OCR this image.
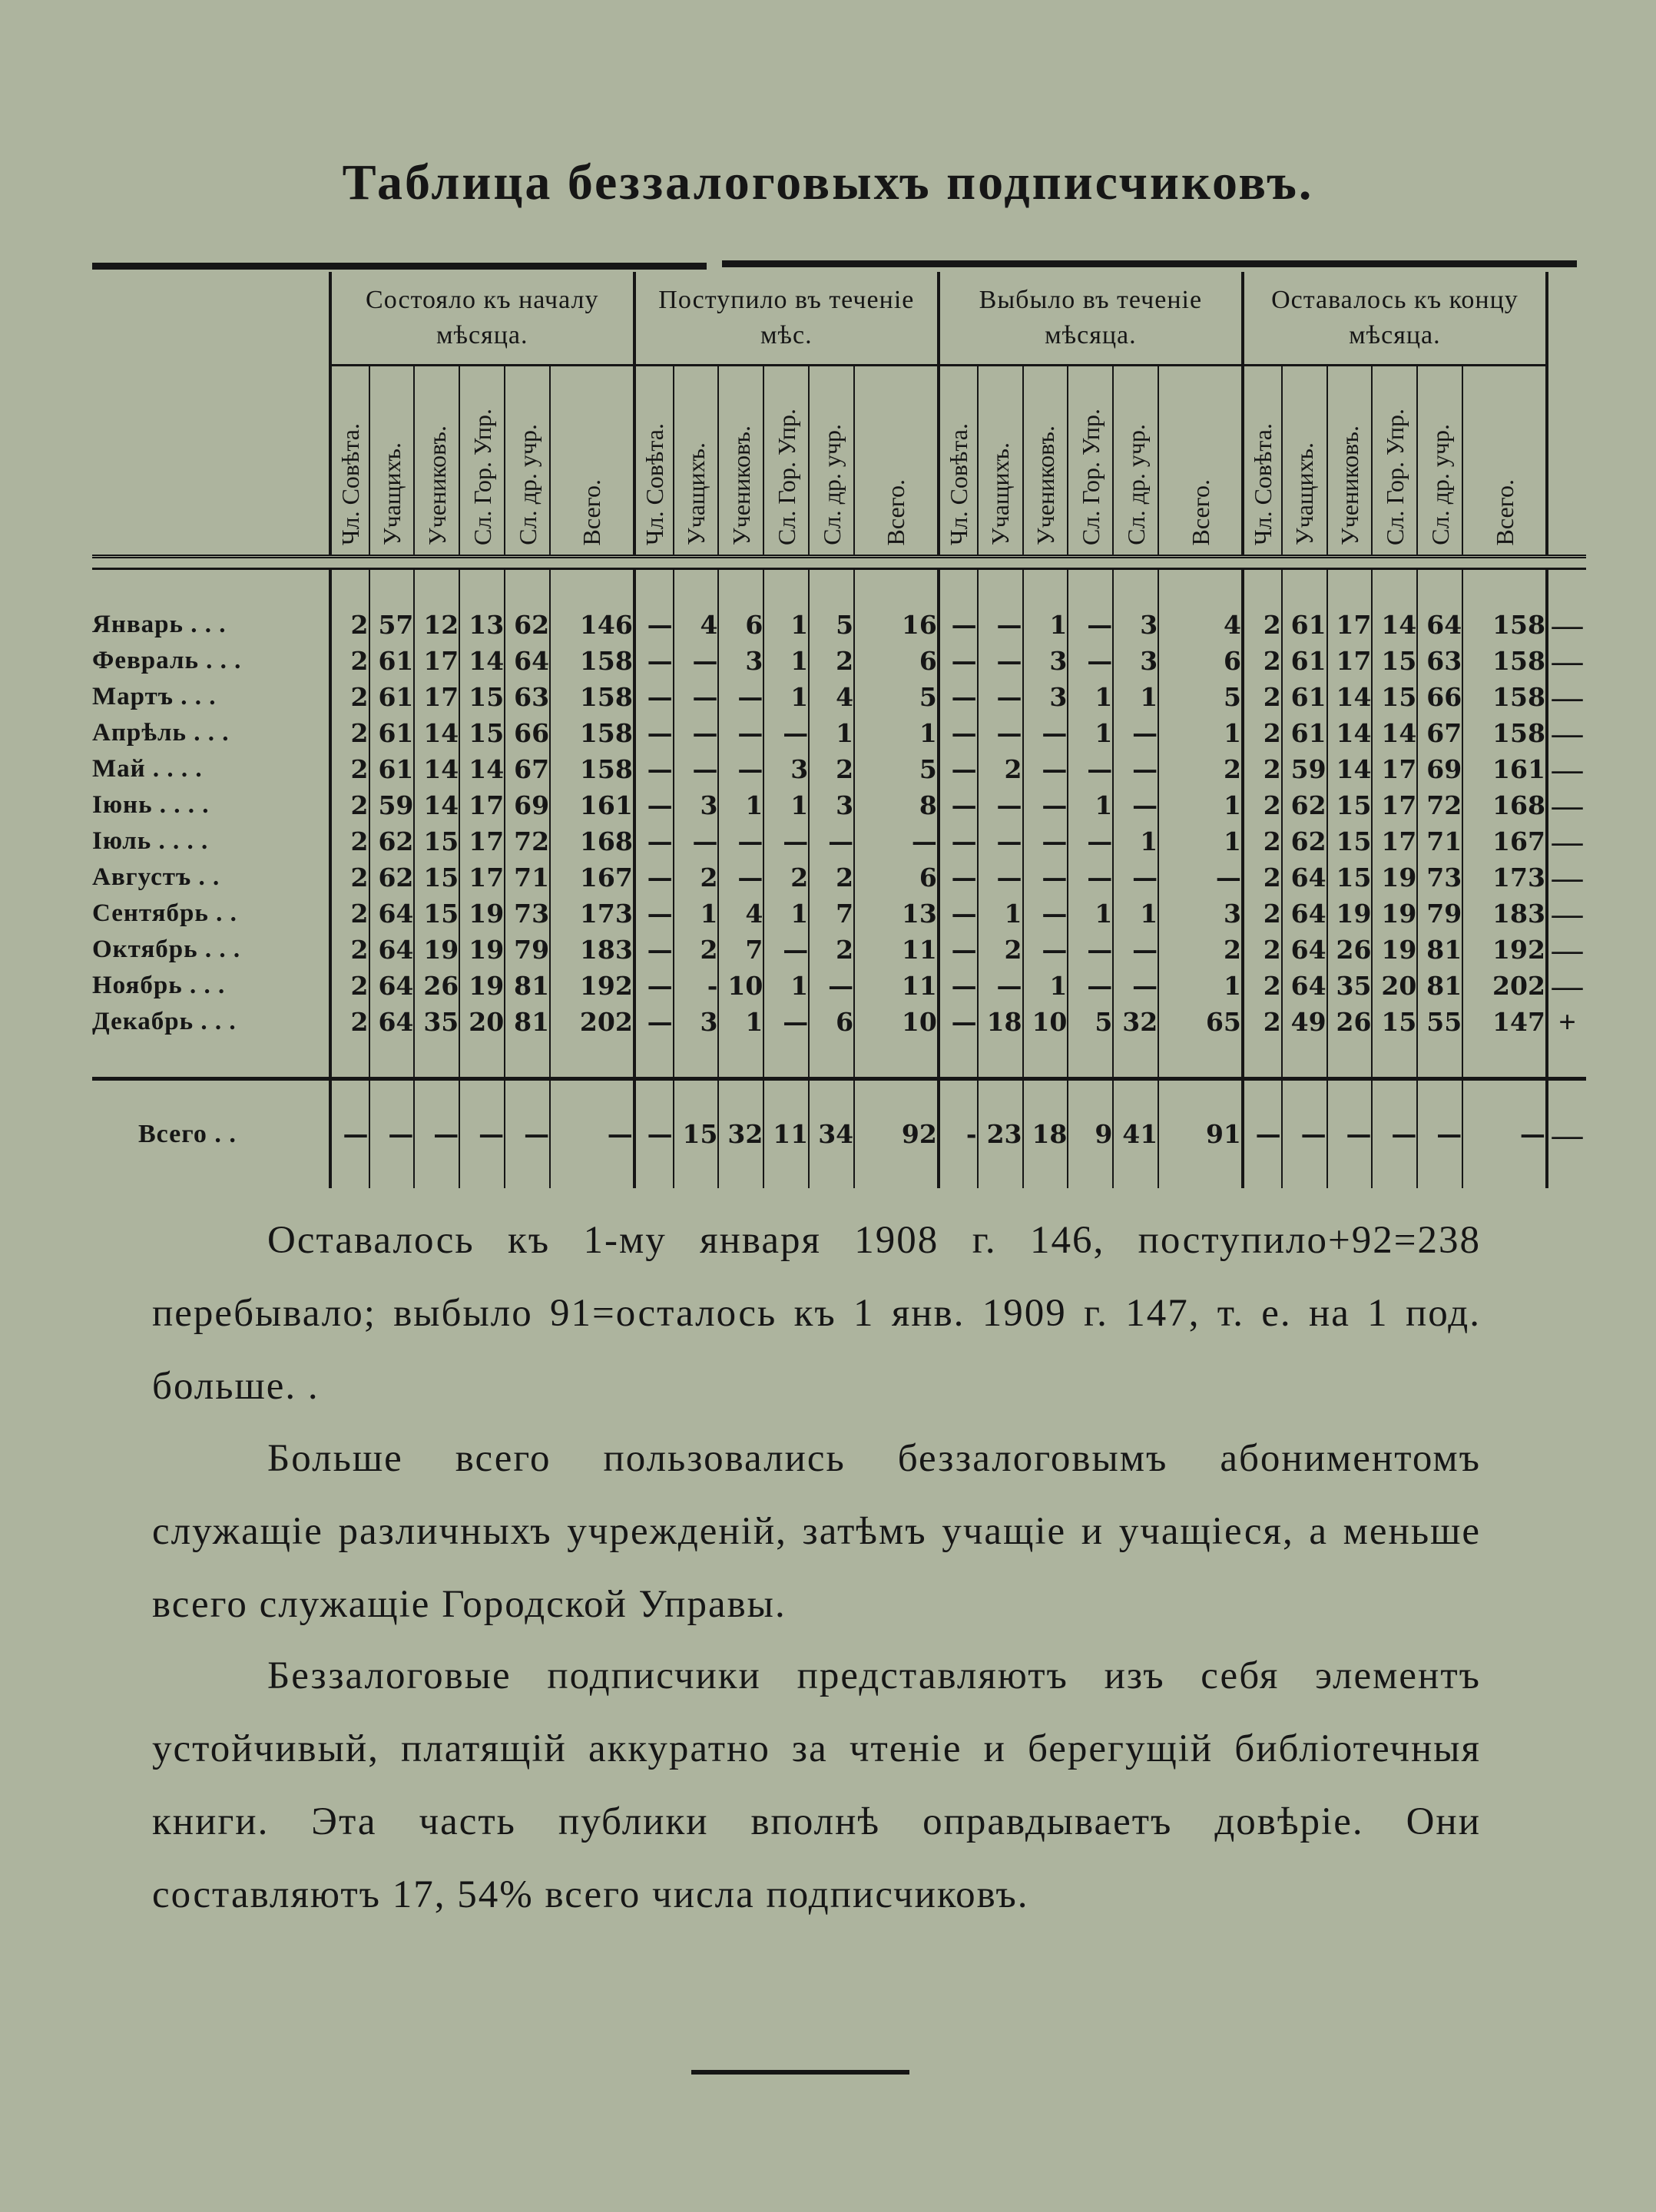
Таблица беззалоговыхъ подписчиковъ.
	Состояло къ началу мѣсяца.						Поступило въ теченіе мѣс.						Выбыло въ теченіе мѣсяца.						Оставалось къ концу мѣсяца.						

	Чл. Совѣта.	Учащихъ.	Учениковъ.	Сл. Гор. Упр.	Сл. др. учр.	Всего.	Чл. Совѣта.	Учащихъ.	Учениковъ.	Сл. Гор. Упр.	Сл. др. учр.	Всего.	Чл. Совѣта.	Учащихъ.	Учениковъ.	Сл. Гор. Упр.	Сл. др. учр.	Всего.	Чл. Совѣта.	Учащихъ.	Учениковъ.	Сл. Гор. Упр.	Сл. др. учр.	Всего.	

Январь . . .	2	57	12	13	62	146	—	4	6	1	5	16	—	—	1	—	3	4	2	61	17	14	64	158	—
Февраль . . .	2	61	17	14	64	158	—	—	3	1	2	6	—	—	3	—	3	6	2	61	17	15	63	158	—
Мартъ . . .	2	61	17	15	63	158	—	—	—	1	4	5	—	—	3	1	1	5	2	61	14	15	66	158	—
Апрѣль . . .	2	61	14	15	66	158	—	—	—	—	1	1	—	—	—	1	—	1	2	61	14	14	67	158	—
Май . . . .	2	61	14	14	67	158	—	—	—	3	2	5	—	2	—	—	—	2	2	59	14	17	69	161	—
Іюнь . . . .	2	59	14	17	69	161	—	3	1	1	3	8	—	—	—	1	—	1	2	62	15	17	72	168	—
Іюль . . . .	2	62	15	17	72	168	—	—	—	—	—	—	—	—	—	—	1	1	2	62	15	17	71	167	—
Августъ . .	2	62	15	17	71	167	—	2	—	2	2	6	—	—	—	—	—	—	2	64	15	19	73	173	—
Сентябрь . .	2	64	15	19	73	173	—	1	4	1	7	13	—	1	—	1	1	3	2	64	19	19	79	183	—
Октябрь . . .	2	64	19	19	79	183	—	2	7	—	2	11	—	2	—	—	—	2	2	64	26	19	81	192	—
Ноябрь . . .	2	64	26	19	81	192	—	-	10	1	—	11	—	—	1	—	—	1	2	64	35	20	81	202	—
Декабрь . . .	2	64	35	20	81	202	—	3	1	—	6	10	—	18	10	5	32	65	2	49	26	15	55	147	+

Всего . .	—	—	—	—	—	—	—	15	32	11	34	92	-	23	18	9	41	91	—	—	—	—	—	—	—
Оставалось къ 1-му января 1908 г. 146, поступило+92=238 перебывало; выбыло 91=осталось къ 1 янв. 1909 г. 147, т. е. на 1 под. больше. .
Больше всего пользовались беззалоговымъ абониментомъ служащіе различныхъ учрежденій, затѣмъ учащіе и учащіеся, а меньше всего служащіе Городской Управы.
Беззалоговые подписчики представляютъ изъ себя элементъ устойчивый, платящій аккуратно за чтеніе и берегущій библіотечныя книги. Эта часть публики вполнѣ оправдываетъ довѣріе. Они составляютъ 17, 54% всего числа подписчиковъ.
